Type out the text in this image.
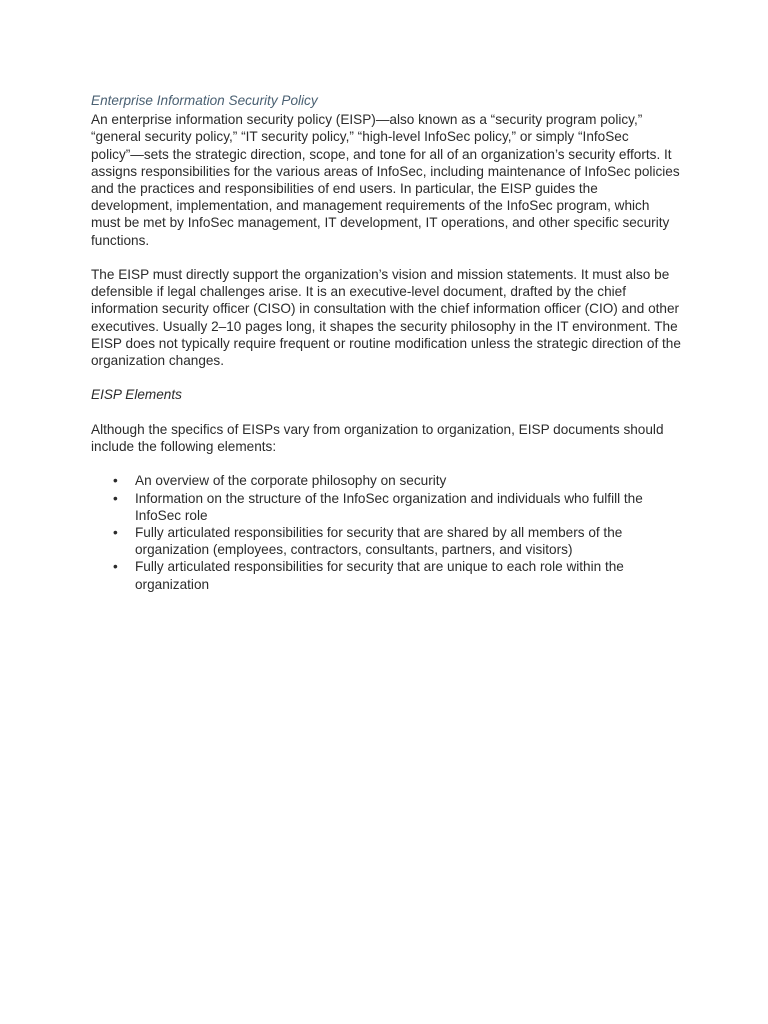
Enterprise Information Security Policy

An enterprise information security policy (EISP)—also known as a “security program policy,” “general security policy,” “IT security policy,” “high-level InfoSec policy,” or simply “InfoSec policy”—sets the strategic direction, scope, and tone for all of an organization’s security efforts. It assigns responsibilities for the various areas of InfoSec, including maintenance of InfoSec policies and the practices and responsibilities of end users. In particular, the EISP guides the development, implementation, and management requirements of the InfoSec program, which must be met by InfoSec management, IT development, IT operations, and other specific security functions.

The EISP must directly support the organization’s vision and mission statements. It must also be defensible if legal challenges arise. It is an executive-level document, drafted by the chief information security officer (CISO) in consultation with the chief information officer (CIO) and other executives. Usually 2–10 pages long, it shapes the security philosophy in the IT environment. The EISP does not typically require frequent or routine modification unless the strategic direction of the organization changes.

EISP Elements

Although the specifics of EISPs vary from organization to organization, EISP documents should include the following elements:

• An overview of the corporate philosophy on security
• Information on the structure of the InfoSec organization and individuals who fulfill the InfoSec role
• Fully articulated responsibilities for security that are shared by all members of the organization (employees, contractors, consultants, partners, and visitors)
• Fully articulated responsibilities for security that are unique to each role within the organization
